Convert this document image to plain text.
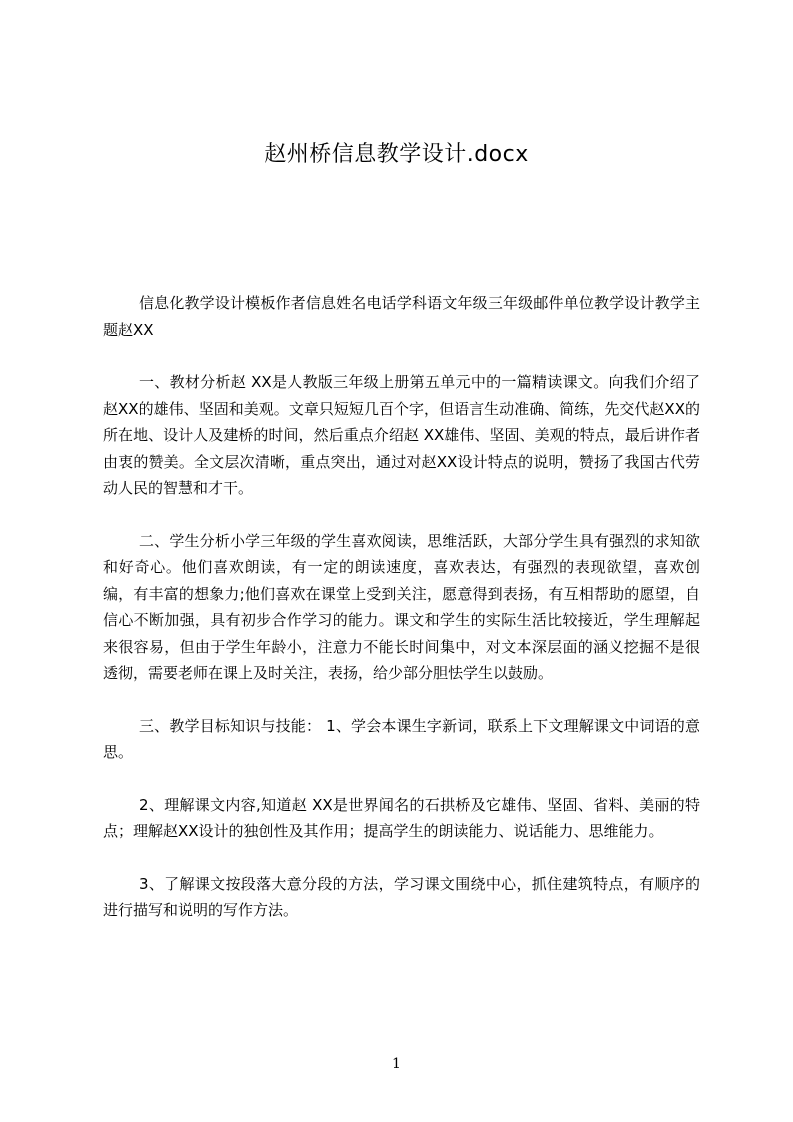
赵州桥信息教学设计.docx

信息化教学设计模板作者信息姓名电话学科语文年级三年级邮件单位教学设计教学主题赵XX

一、教材分析赵 XX是人教版三年级上册第五单元中的一篇精读课文。向我们介绍了赵XX的雄伟、坚固和美观。文章只短短几百个字，但语言生动准确、简练，先交代赵XX的所在地、设计人及建桥的时间，然后重点介绍赵 XX雄伟、坚固、美观的特点，最后讲作者由衷的赞美。全文层次清晰，重点突出，通过对赵XX设计特点的说明，赞扬了我国古代劳动人民的智慧和才干。

二、学生分析小学三年级的学生喜欢阅读，思维活跃，大部分学生具有强烈的求知欲和好奇心。他们喜欢朗读，有一定的朗读速度，喜欢表达，有强烈的表现欲望，喜欢创编，有丰富的想象力;他们喜欢在课堂上受到关注，愿意得到表扬，有互相帮助的愿望，自信心不断加强，具有初步合作学习的能力。课文和学生的实际生活比较接近，学生理解起来很容易，但由于学生年龄小，注意力不能长时间集中，对文本深层面的涵义挖掘不是很透彻，需要老师在课上及时关注，表扬，给少部分胆怯学生以鼓励。

三、教学目标知识与技能： 1、学会本课生字新词，联系上下文理解课文中词语的意思。

2、理解课文内容,知道赵 XX是世界闻名的石拱桥及它雄伟、坚固、省料、美丽的特点；理解赵XX设计的独创性及其作用；提高学生的朗读能力、说话能力、思维能力。

3、了解课文按段落大意分段的方法，学习课文围绕中心，抓住建筑特点，有顺序的进行描写和说明的写作方法。

1
